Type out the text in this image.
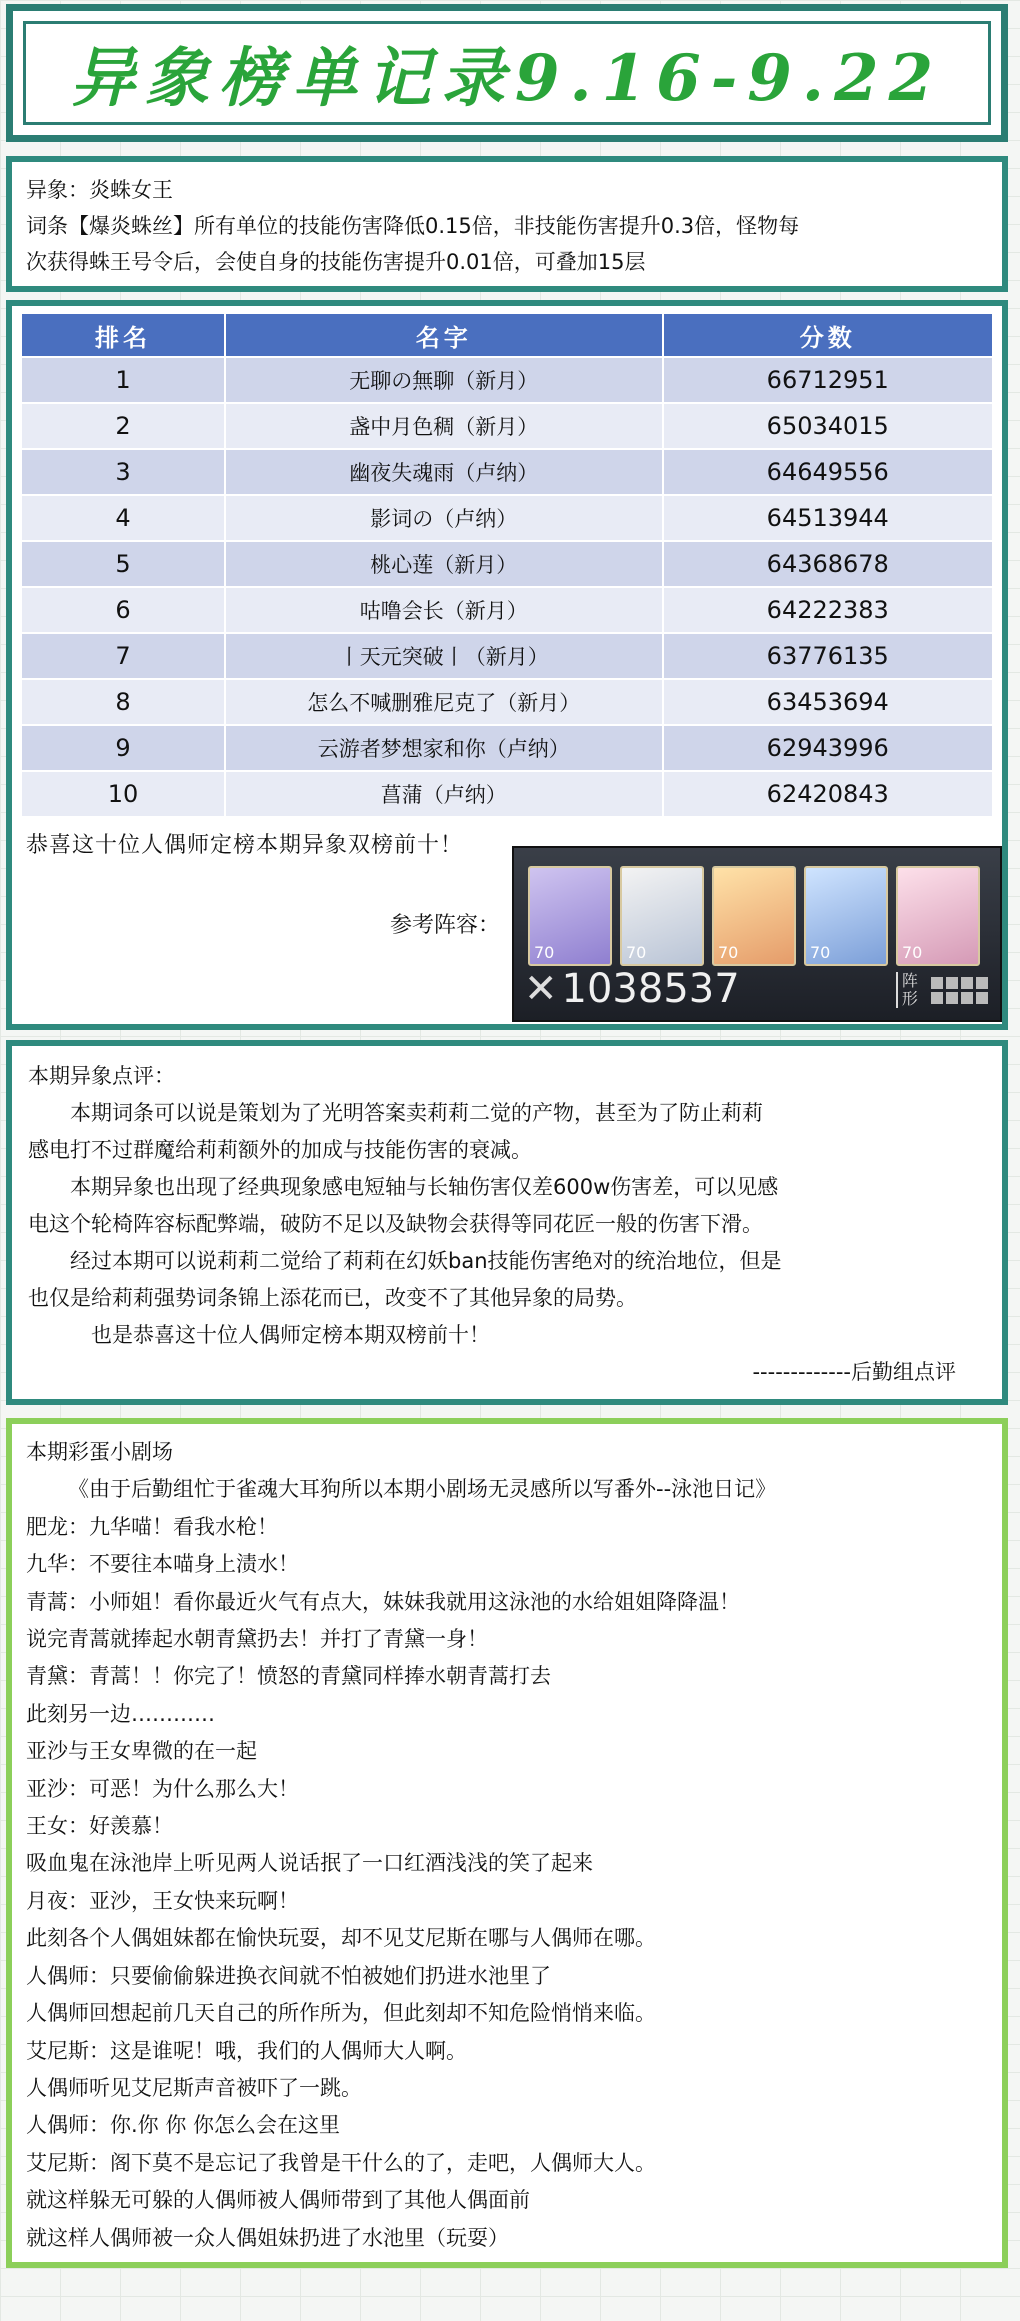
异象榜单记录9.16-9.22
异象：炎蛛女王
词条【爆炎蛛丝】所有单位的技能伤害降低0.15倍，非技能伤害提升0.3倍，怪物每
次获得蛛王号令后，会使自身的技能伤害提升0.01倍，可叠加15层
排名	名字	分数
1	无聊の無聊（新月）	66712951
2	盏中月色稠（新月）	65034015
3	幽夜失魂雨（卢纳）	64649556
4	影词の（卢纳）	64513944
5	桃心莲（新月）	64368678
6	咕噜会长（新月）	64222383
7	丨天元突破丨（新月）	63776135
8	怎么不喊删雅尼克了（新月）	63453694
9	云游者梦想家和你（卢纳）	62943996
10	菖蒲（卢纳）	62420843
恭喜这十位人偶师定榜本期异象双榜前十！
参考阵容：
70	70	70	70	70
✕ 1038537	阵形
本期异象点评：
本期词条可以说是策划为了光明答案卖莉莉二觉的产物，甚至为了防止莉莉
感电打不过群魔给莉莉额外的加成与技能伤害的衰减。
本期异象也出现了经典现象感电短轴与长轴伤害仅差600w伤害差，可以见感
电这个轮椅阵容标配弊端，破防不足以及缺物会获得等同花匠一般的伤害下滑。
经过本期可以说莉莉二觉给了莉莉在幻妖ban技能伤害绝对的统治地位，但是
也仅是给莉莉强势词条锦上添花而已，改变不了其他异象的局势。
也是恭喜这十位人偶师定榜本期双榜前十！
-------------后勤组点评
本期彩蛋小剧场
《由于后勤组忙于雀魂大耳狗所以本期小剧场无灵感所以写番外--泳池日记》
肥龙：九华喵！看我水枪！
九华：不要往本喵身上渍水！
青蒿：小师姐！看你最近火气有点大，妹妹我就用这泳池的水给姐姐降降温！
说完青蒿就捧起水朝青黛扔去！并打了青黛一身！
青黛：青蒿！！你完了！愤怒的青黛同样捧水朝青蒿打去
此刻另一边…………
亚沙与王女卑微的在一起
亚沙：可恶！为什么那么大！
王女：好羡慕！
吸血鬼在泳池岸上听见两人说话抿了一口红酒浅浅的笑了起来
月夜：亚沙，王女快来玩啊！
此刻各个人偶姐妹都在愉快玩耍，却不见艾尼斯在哪与人偶师在哪。
人偶师：只要偷偷躲进换衣间就不怕被她们扔进水池里了
人偶师回想起前几天自己的所作所为，但此刻却不知危险悄悄来临。
艾尼斯：这是谁呢！哦，我们的人偶师大人啊。
人偶师听见艾尼斯声音被吓了一跳。
人偶师：你.你 你 你怎么会在这里
艾尼斯：阁下莫不是忘记了我曾是干什么的了，走吧，人偶师大人。
就这样躲无可躲的人偶师被人偶师带到了其他人偶面前
就这样人偶师被一众人偶姐妹扔进了水池里（玩耍）
